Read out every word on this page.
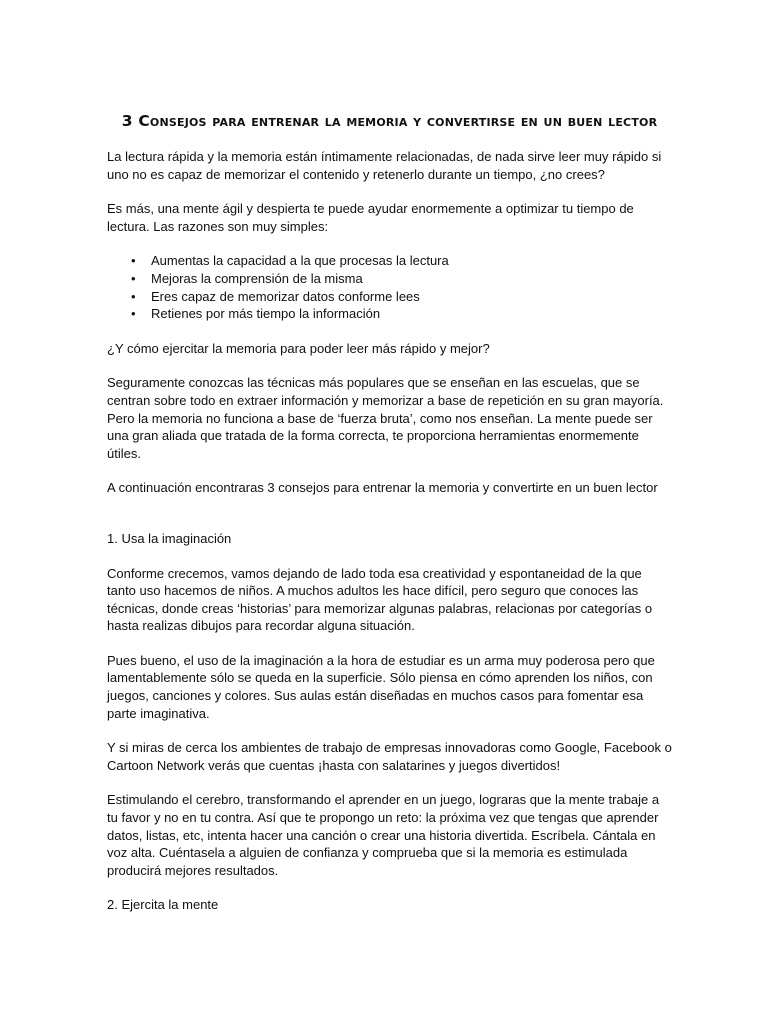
3 Consejos para entrenar la memoria y convertirse en un buen lector

La lectura rápida y la memoria están íntimamente relacionadas, de nada sirve leer muy rápido si uno no es capaz de memorizar el contenido y retenerlo durante un tiempo, ¿no crees?

Es más, una mente ágil y despierta te puede ayudar enormemente a optimizar tu tiempo de lectura. Las razones son muy simples:

• Aumentas la capacidad a la que procesas la lectura
• Mejoras la comprensión de la misma
• Eres capaz de memorizar datos conforme lees
• Retienes por más tiempo la información

¿Y cómo ejercitar la memoria para poder leer más rápido y mejor?

Seguramente conozcas las técnicas más populares que se enseñan en las escuelas, que se centran sobre todo en extraer información y memorizar a base de repetición en su gran mayoría. Pero la memoria no funciona a base de ‘fuerza bruta’, como nos enseñan. La mente puede ser una gran aliada que tratada de la forma correcta, te proporciona herramientas enormemente útiles.

A continuación encontraras 3 consejos para entrenar la memoria y convertirte en un buen lector

1. Usa la imaginación

Conforme crecemos, vamos dejando de lado toda esa creatividad y espontaneidad de la que tanto uso hacemos de niños. A muchos adultos les hace difícil, pero seguro que conoces las técnicas, donde creas ‘historias’ para memorizar algunas palabras, relacionas por categorías o hasta realizas dibujos para recordar alguna situación.

Pues bueno, el uso de la imaginación a la hora de estudiar es un arma muy poderosa pero que lamentablemente sólo se queda en la superficie. Sólo piensa en cómo aprenden los niños, con juegos, canciones y colores. Sus aulas están diseñadas en muchos casos para fomentar esa parte imaginativa.

Y si miras de cerca los ambientes de trabajo de empresas innovadoras como Google, Facebook o Cartoon Network verás que cuentas ¡hasta con salatarines y juegos divertidos!

Estimulando el cerebro, transformando el aprender en un juego, lograras que la mente trabaje a tu favor y no en tu contra. Así que te propongo un reto: la próxima vez que tengas que aprender datos, listas, etc, intenta hacer una canción o crear una historia divertida. Escríbela. Cántala en voz alta. Cuéntasela a alguien de confianza y comprueba que si la memoria es estimulada producirá mejores resultados.

2. Ejercita la mente
